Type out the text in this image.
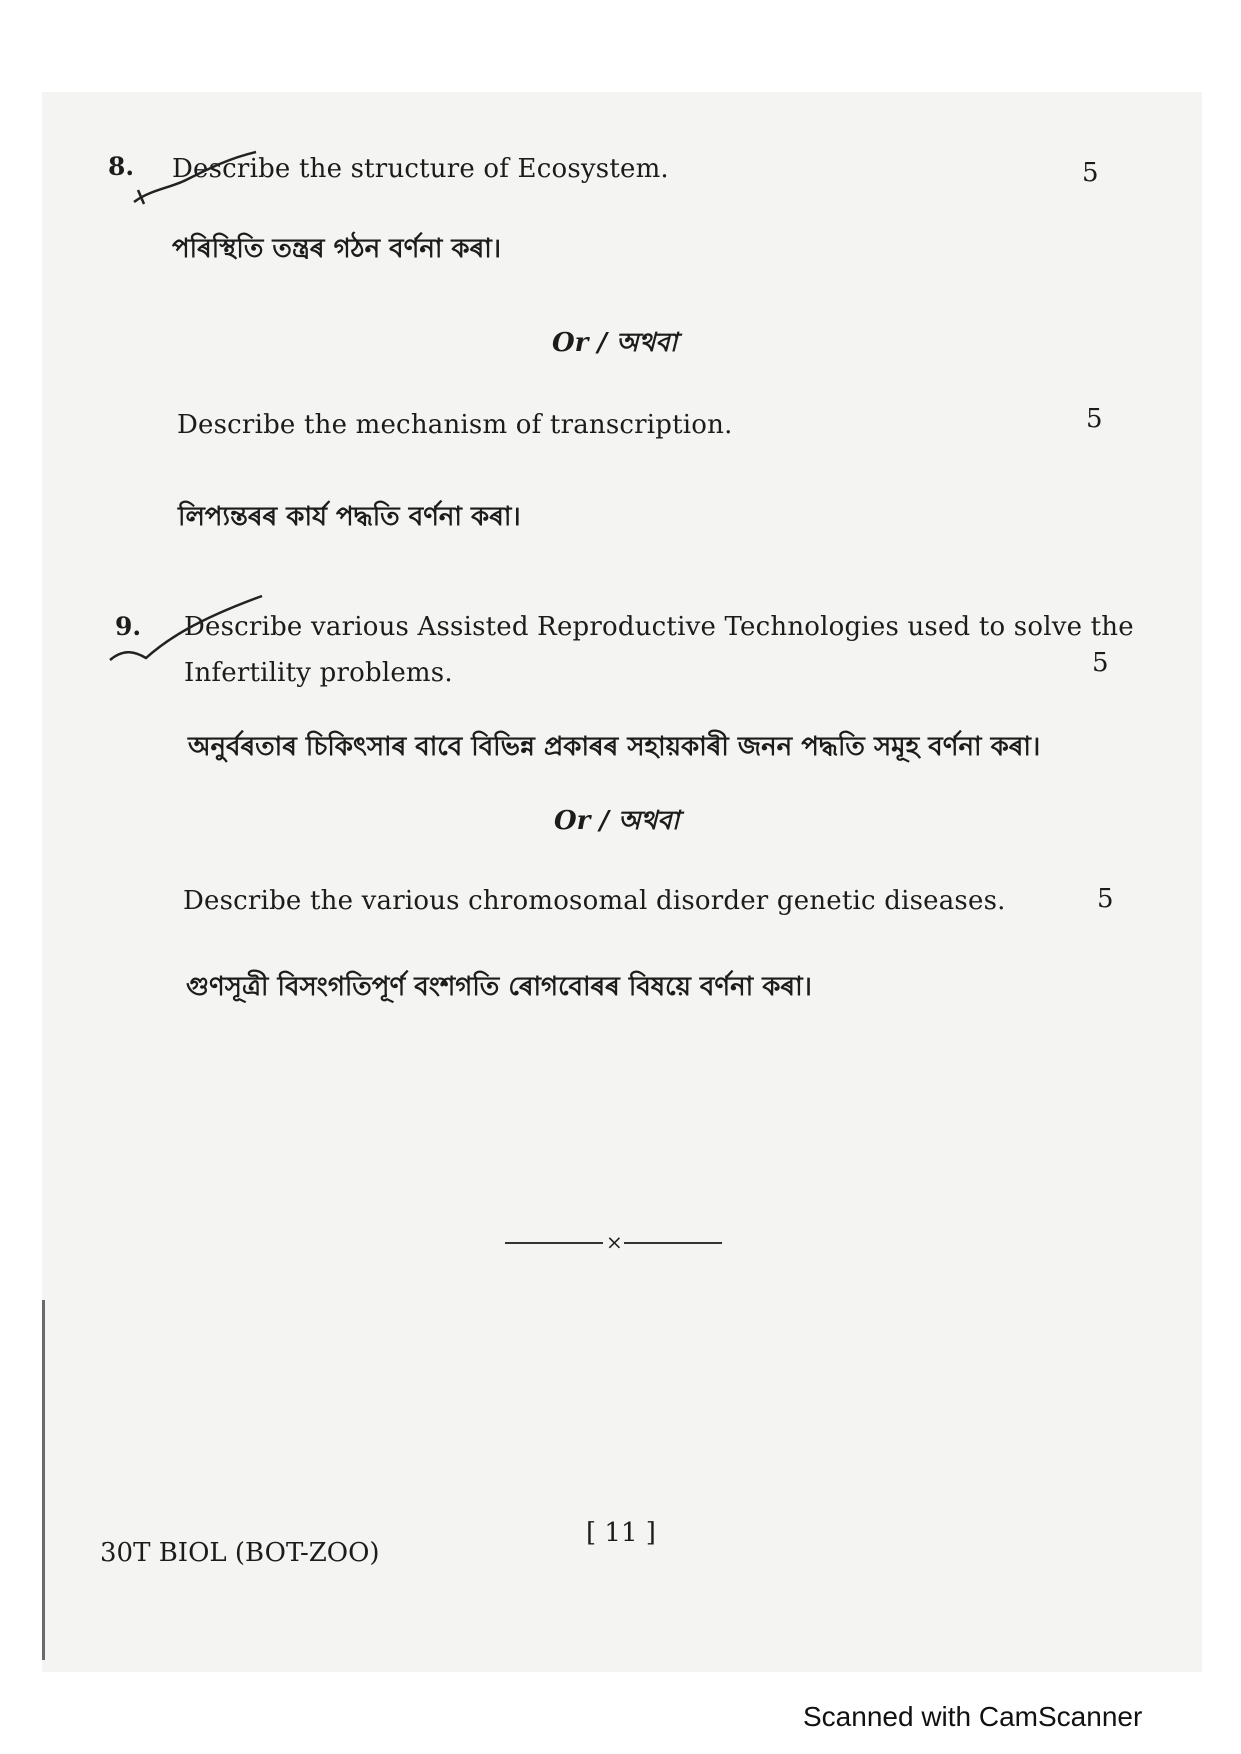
8. Describe the structure of Ecosystem.	5
পৰিস্থিতি তন্ত্ৰৰ গঠন বৰ্ণনা কৰা।
Or / অথবা
Describe the mechanism of transcription.	5
লিপ্যন্তৰৰ কাৰ্য পদ্ধতি বৰ্ণনা কৰা।
9. Describe various Assisted Reproductive Technologies used to solve the
Infertility problems.	5
অনুৰ্বৰতাৰ চিকিৎসাৰ বাবে বিভিন্ন প্ৰকাৰৰ সহায়কাৰী জনন পদ্ধতি সমূহ বৰ্ণনা কৰা।
Or / অথবা
Describe the various chromosomal disorder genetic diseases.	5
গুণসূত্ৰী বিসংগতিপূৰ্ণ বংশগতি ৰোগবোৰৰ বিষয়ে বৰ্ণনা কৰা।
×
30T BIOL (BOT-ZOO)
[ 11 ]
Scanned with CamScanner
